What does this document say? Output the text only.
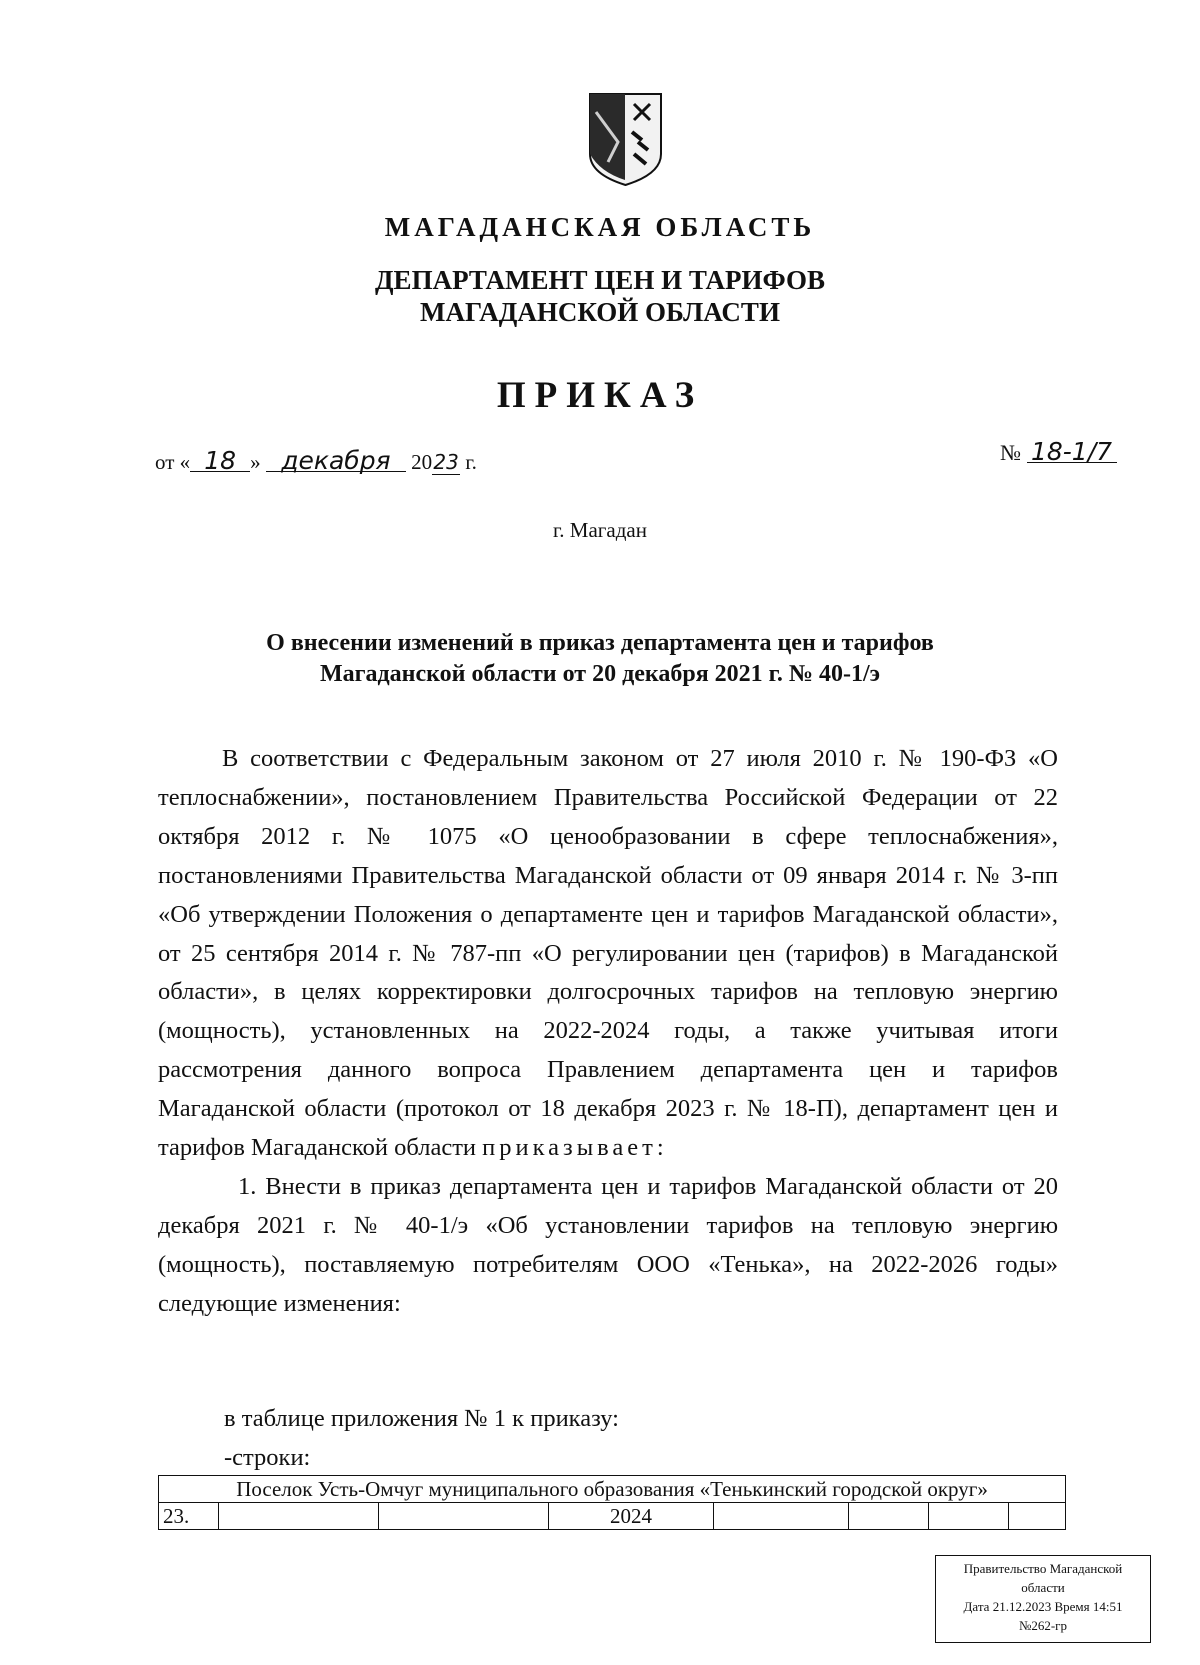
МАГАДАНСКАЯ ОБЛАСТЬ
ДЕПАРТАМЕНТ ЦЕН И ТАРИФОВ
МАГАДАНСКОЙ ОБЛАСТИ
ПРИКАЗ
от « 18 » декабря 2023 г.	№ 18-1/7
г. Магадан
О внесении изменений в приказ департамента цен и тарифов
Магаданской области от 20 декабря 2021 г. № 40-1/э

В соответствии с Федеральным законом от 27 июля 2010 г. № 190-ФЗ «О теплоснабжении», постановлением Правительства Российской Федерации от 22 октября 2012 г. № 1075 «О ценообразовании в сфере теплоснабжения», постановлениями Правительства Магаданской области от 09 января 2014 г. № 3-пп «Об утверждении Положения о департаменте цен и тарифов Магаданской области», от 25 сентября 2014 г. № 787-пп «О регулировании цен (тарифов) в Магаданской области», в целях корректировки долгосрочных тарифов на тепловую энергию (мощность), установленных на 2022-2024 годы, а также учитывая итоги рассмотрения данного вопроса Правлением департамента цен и тарифов Магаданской области (протокол от 18 декабря 2023 г. № 18-П), департамент цен и тарифов Магаданской области приказывает:

1. Внести в приказ департамента цен и тарифов Магаданской области от 20 декабря 2021 г. № 40-1/э «Об установлении тарифов на тепловую энергию (мощность), поставляемую потребителям ООО «Тенька», на 2022-2026 годы» следующие изменения:

в таблице приложения № 1 к приказу:
-строки:
Поселок Усть-Омчуг муниципального образования «Тенькинский городской округ»
23.			2024				
Правительство Магаданской
области
Дата 21.12.2023 Время 14:51
№262-гр
